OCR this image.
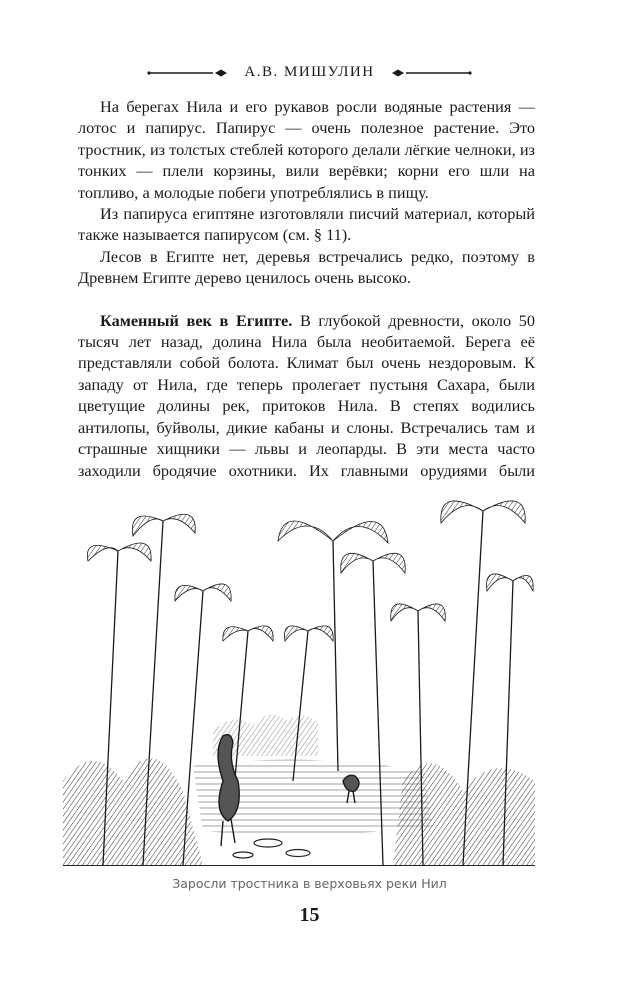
А.В. МИШУЛИН

На берегах Нила и его рукавов росли водяные растения — лотос и папирус. Папирус — очень полезное растение. Это тростник, из толстых стеблей которого делали лёгкие челноки, из тонких — плели корзины, вили верёвки; корни его шли на топливо, а молодые побеги употреблялись в пищу.

Из папируса египтяне изготовляли писчий материал, который также называется папирусом (см. § 11).

Лесов в Египте нет, деревья встречались редко, поэтому в Древнем Египте дерево ценилось очень высоко.

Каменный век в Египте. В глубокой древности, около 50 тысяч лет назад, долина Нила была необитаемой. Берега её представляли собой болота. Климат был очень нездоровым. К западу от Нила, где теперь пролегает пустыня Сахара, были цветущие долины рек, притоков Нила. В степях водились антилопы, буйволы, дикие кабаны и слоны. Встречались там и страшные хищники — львы и леопарды. В эти места часто заходили бродячие охотники. Их главными орудиями были

Заросли тростника в верховьях реки Нил
15
